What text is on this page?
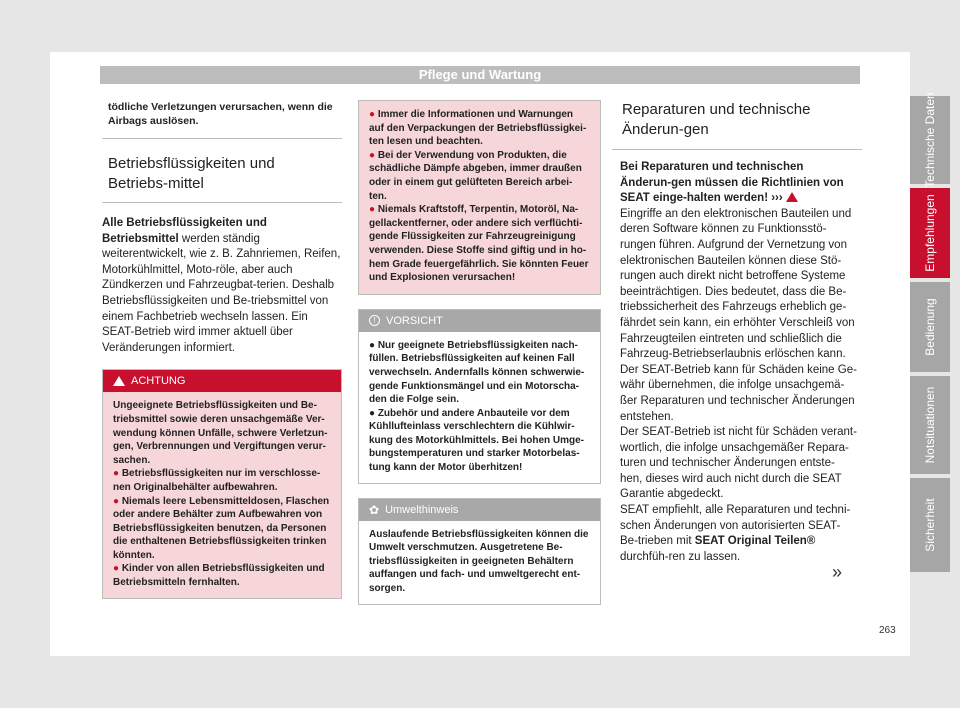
Pflege und Wartung
tödliche Verletzungen verursachen, wenn die Airbags auslösen.
Betriebsflüssigkeiten und Betriebs-mittel
Alle Betriebsflüssigkeiten und Betriebsmittel werden ständig weiterentwickelt, wie z. B. Zahnriemen, Reifen, Motorkühlmittel, Moto-röle, aber auch Zündkerzen und Fahrzeugbat-terien. Deshalb Betriebsflüssigkeiten und Be-triebsmittel von einem Fachbetrieb wechseln lassen. Ein SEAT-Betrieb wird immer aktuell über Veränderungen informiert.
ACHTUNG
Ungeeignete Betriebsflüssigkeiten und Be-triebsmittel sowie deren unsachgemäße Ver-wendung können Unfälle, schwere Verletzun-gen, Verbrennungen und Vergiftungen verur-sachen.
● Betriebsflüssigkeiten nur im verschlosse-nen Originalbehälter aufbewahren.
● Niemals leere Lebensmitteldosen, Flaschen oder andere Behälter zum Aufbewahren von Betriebsflüssigkeiten benutzen, da Personen die enthaltenen Betriebsflüssigkeiten trinken könnten.
● Kinder von allen Betriebsflüssigkeiten und Betriebsmitteln fernhalten.
● Immer die Informationen und Warnungen auf den Verpackungen der Betriebsflüssigkei-ten lesen und beachten.
● Bei der Verwendung von Produkten, die schädliche Dämpfe abgeben, immer draußen oder in einem gut gelüfteten Bereich arbei-ten.
● Niemals Kraftstoff, Terpentin, Motoröl, Na-gellackentferner, oder andere sich verflüchti-gende Flüssigkeiten zur Fahrzeugreinigung verwenden. Diese Stoffe sind giftig und in ho-hem Grade feuergefährlich. Sie könnten Feuer und Explosionen verursachen!
! VORSICHT
● Nur geeignete Betriebsflüssigkeiten nach-füllen. Betriebsflüssigkeiten auf keinen Fall verwechseln. Andernfalls können schwerwie-gende Funktionsmängel und ein Motorscha-den die Folge sein.
● Zubehör und andere Anbauteile vor dem Kühllufteinlass verschlechtern die Kühlwir-kung des Motorkühlmittels. Bei hohen Umge-bungstemperaturen und starker Motorbelas-tung kann der Motor überhitzen!
✿ Umwelthinweis
Auslaufende Betriebsflüssigkeiten können die Umwelt verschmutzen. Ausgetretene Be-triebsflüssigkeiten in geeigneten Behältern auffangen und fach- und umweltgerecht ent-sorgen.
Reparaturen und technische Änderun-gen
Bei Reparaturen und technischen Änderun-gen müssen die Richtlinien von SEAT einge-halten werden! ›››
Eingriffe an den elektronischen Bauteilen und deren Software können zu Funktionsstö-rungen führen. Aufgrund der Vernetzung von elektronischen Bauteilen können diese Stö-rungen auch direkt nicht betroffene Systeme beeinträchtigen. Dies bedeutet, dass die Be-triebssicherheit des Fahrzeugs erheblich ge-fährdet sein kann, ein erhöhter Verschleiß von Fahrzeugteilen eintreten und schließlich die Fahrzeug-Betriebserlaubnis erlöschen kann.
Der SEAT-Betrieb kann für Schäden keine Ge-währ übernehmen, die infolge unsachgemä-ßer Reparaturen und technischer Änderungen entstehen.
Der SEAT-Betrieb ist nicht für Schäden verant-wortlich, die infolge unsachgemäßer Repara-turen und technischer Änderungen entste-hen, dieses wird auch nicht durch die SEAT Garantie abgedeckt.
SEAT empfiehlt, alle Reparaturen und techni-schen Änderungen von autorisierten SEAT-Be-trieben mit SEAT Original Teilen® durchfüh-ren zu lassen.
»
Technische Daten
Empfehlungen
Bedienung
Notsituationen
Sicherheit
263
